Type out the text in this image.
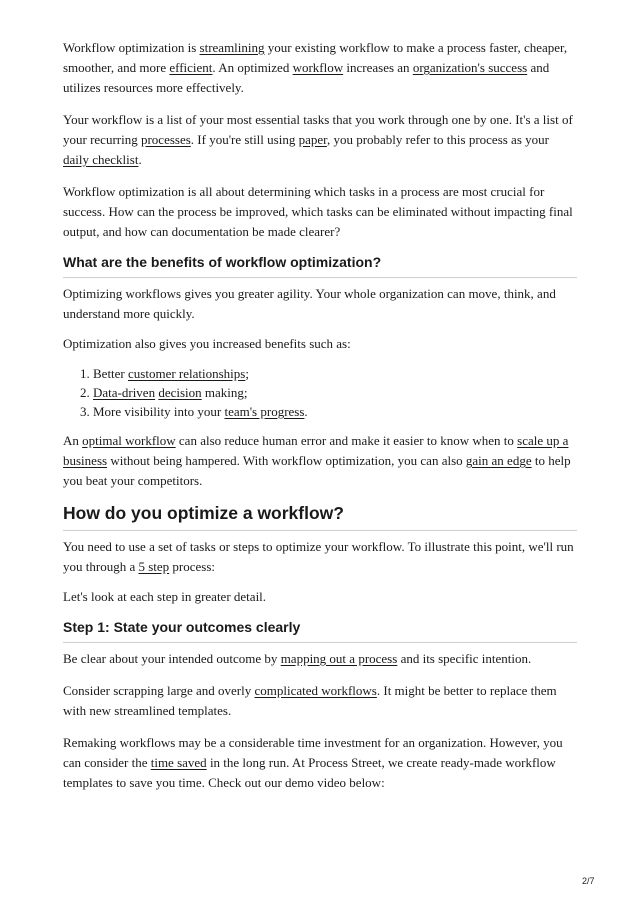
Workflow optimization is streamlining your existing workflow to make a process faster, cheaper, smoother, and more efficient. An optimized workflow increases an organization's success and utilizes resources more effectively.

Your workflow is a list of your most essential tasks that you work through one by one. It's a list of your recurring processes. If you're still using paper, you probably refer to this process as your daily checklist.

Workflow optimization is all about determining which tasks in a process are most crucial for success. How can the process be improved, which tasks can be eliminated without impacting final output, and how can documentation be made clearer?

What are the benefits of workflow optimization?

Optimizing workflows gives you greater agility. Your whole organization can move, think, and understand more quickly.

Optimization also gives you increased benefits such as:

1. Better customer relationships;
2. Data-driven decision making;
3. More visibility into your team's progress.

An optimal workflow can also reduce human error and make it easier to know when to scale up a business without being hampered. With workflow optimization, you can also gain an edge to help you beat your competitors.

How do you optimize a workflow?

You need to use a set of tasks or steps to optimize your workflow. To illustrate this point, we'll run you through a 5 step process:

Let's look at each step in greater detail.

Step 1: State your outcomes clearly

Be clear about your intended outcome by mapping out a process and its specific intention.

Consider scrapping large and overly complicated workflows. It might be better to replace them with new streamlined templates.

Remaking workflows may be a considerable time investment for an organization. However, you can consider the time saved in the long run. At Process Street, we create ready-made workflow templates to save you time. Check out our demo video below:

2/7
